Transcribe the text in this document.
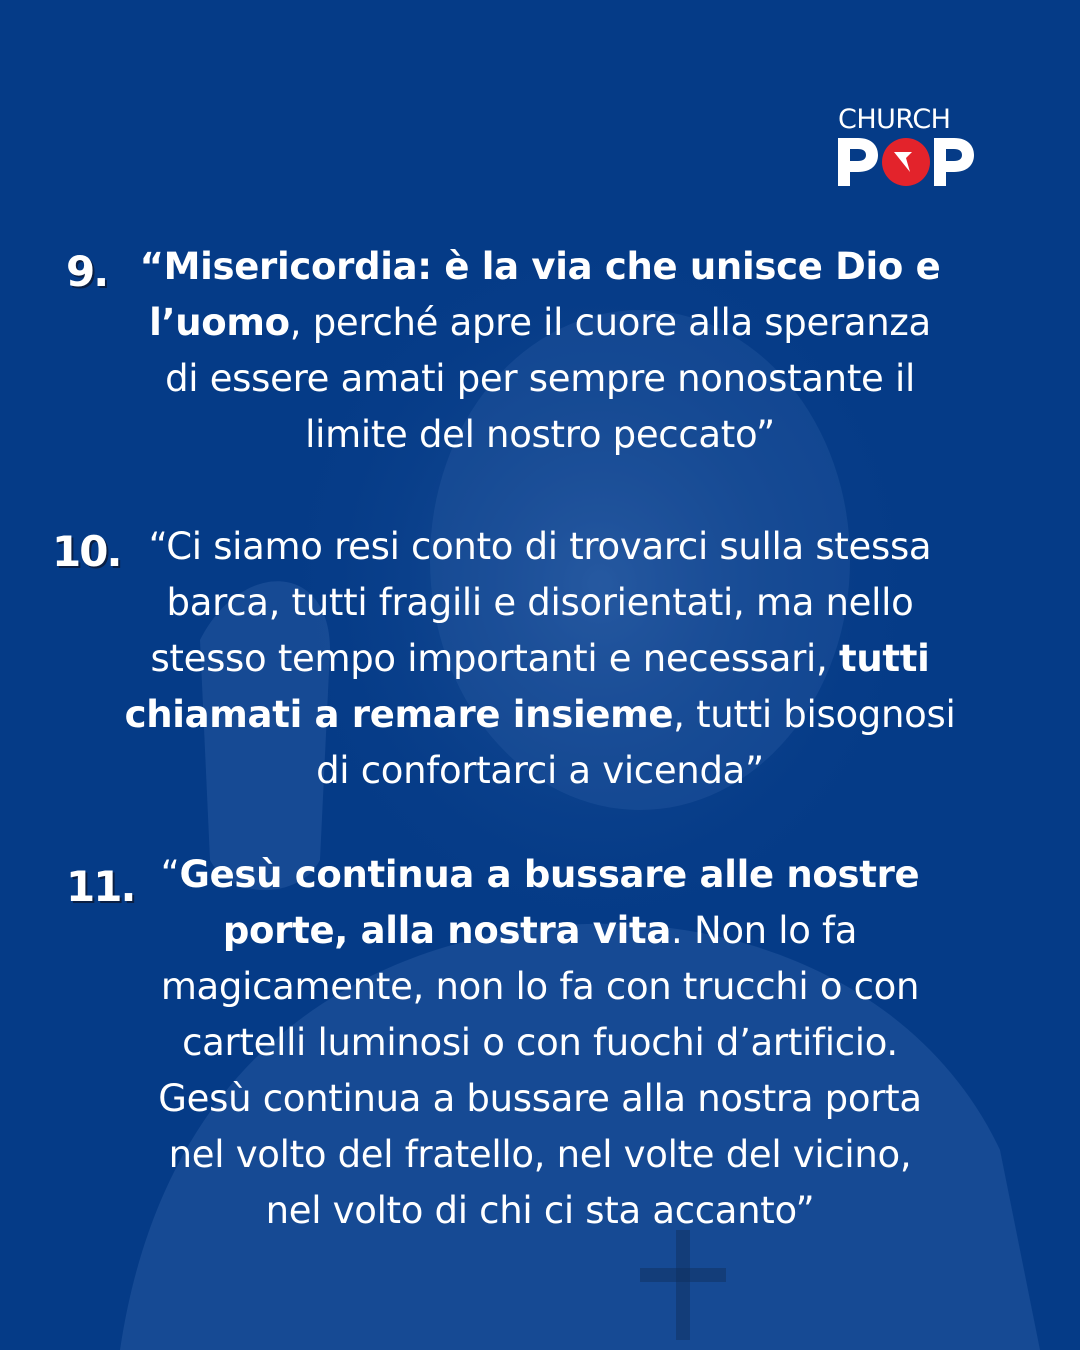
CHURCH
9.
10.
11.
“Misericordia: è la via che unisce Dio e
l’uomo, perché apre il cuore alla speranza
di essere amati per sempre nonostante il
limite del nostro peccato”
“Ci siamo resi conto di trovarci sulla stessa
barca, tutti fragili e disorientati, ma nello
stesso tempo importanti e necessari, tutti
chiamati a remare insieme, tutti bisognosi
di confortarci a vicenda”
“Gesù continua a bussare alle nostre
porte, alla nostra vita. Non lo fa
magicamente, non lo fa con trucchi o con
cartelli luminosi o con fuochi d’artificio.
Gesù continua a bussare alla nostra porta
nel volto del fratello, nel volte del vicino,
nel volto di chi ci sta accanto”
